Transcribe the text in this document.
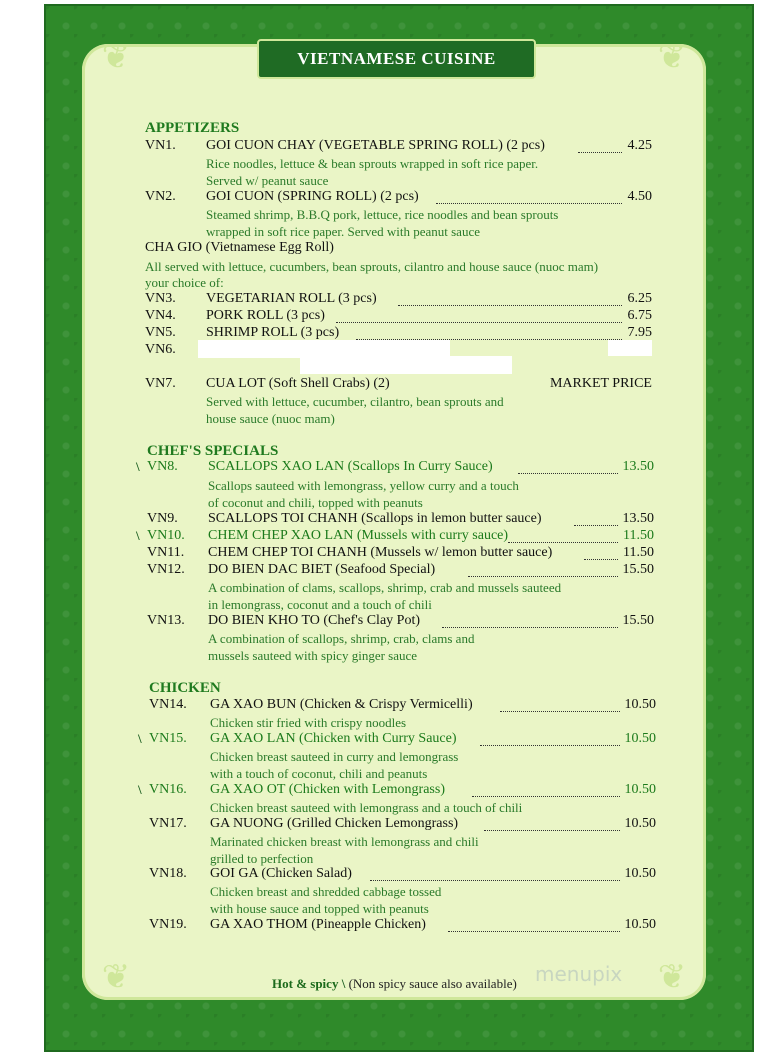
❦	❦
❦	❦
VIETNAMESE CUISINE
APPETIZERS
VN1. GOI CUON CHAY (VEGETABLE SPRING ROLL) (2 pcs)	4.25
Rice noodles, lettuce & bean sprouts wrapped in soft rice paper.
Served w/ peanut sauce
VN2. GOI CUON (SPRING ROLL) (2 pcs)	4.50
Steamed shrimp, B.B.Q pork, lettuce, rice noodles and bean sprouts
wrapped in soft rice paper. Served with peanut sauce
CHA GIO (Vietnamese Egg Roll)
All served with lettuce, cucumbers, bean sprouts, cilantro and house sauce (nuoc mam)
your choice of:
VN3. VEGETARIAN ROLL (3 pcs)	6.25
VN4. PORK ROLL (3 pcs)	6.75
VN5. SHRIMP ROLL (3 pcs)	7.95
VN6.
VN7. CUA LOT (Soft Shell Crabs) (2)	MARKET PRICE
Served with lettuce, cucumber, cilantro, bean sprouts and
house sauce (nuoc mam)
CHEF'S SPECIALS
\ VN8. SCALLOPS XAO LAN (Scallops In Curry Sauce)	13.50
Scallops sauteed with lemongrass, yellow curry and a touch
of coconut and chili, topped with peanuts
VN9. SCALLOPS TOI CHANH (Scallops in lemon butter sauce)	13.50
\ VN10. CHEM CHEP XAO LAN (Mussels with curry sauce)	11.50
VN11. CHEM CHEP TOI CHANH (Mussels w/ lemon butter sauce)	11.50
VN12. DO BIEN DAC BIET (Seafood Special)	15.50
A combination of clams, scallops, shrimp, crab and mussels sauteed
in lemongrass, coconut and a touch of chili
VN13. DO BIEN KHO TO (Chef's Clay Pot)	15.50
A combination of scallops, shrimp, crab, clams and
mussels sauteed with spicy ginger sauce
CHICKEN
VN14. GA XAO BUN (Chicken & Crispy Vermicelli)	10.50
Chicken stir fried with crispy noodles
\ VN15. GA XAO LAN (Chicken with Curry Sauce)	10.50
Chicken breast sauteed in curry and lemongrass
with a touch of coconut, chili and peanuts
\ VN16. GA XAO OT (Chicken with Lemongrass)	10.50
Chicken breast sauteed with lemongrass and a touch of chili
VN17. GA NUONG (Grilled Chicken Lemongrass)	10.50
Marinated chicken breast with lemongrass and chili
grilled to perfection
VN18. GOI GA (Chicken Salad)	10.50
Chicken breast and shredded cabbage tossed
with house sauce and topped with peanuts
VN19. GA XAO THOM (Pineapple Chicken)	10.50
Hot & spicy \ (Non spicy sauce also available) menupix
